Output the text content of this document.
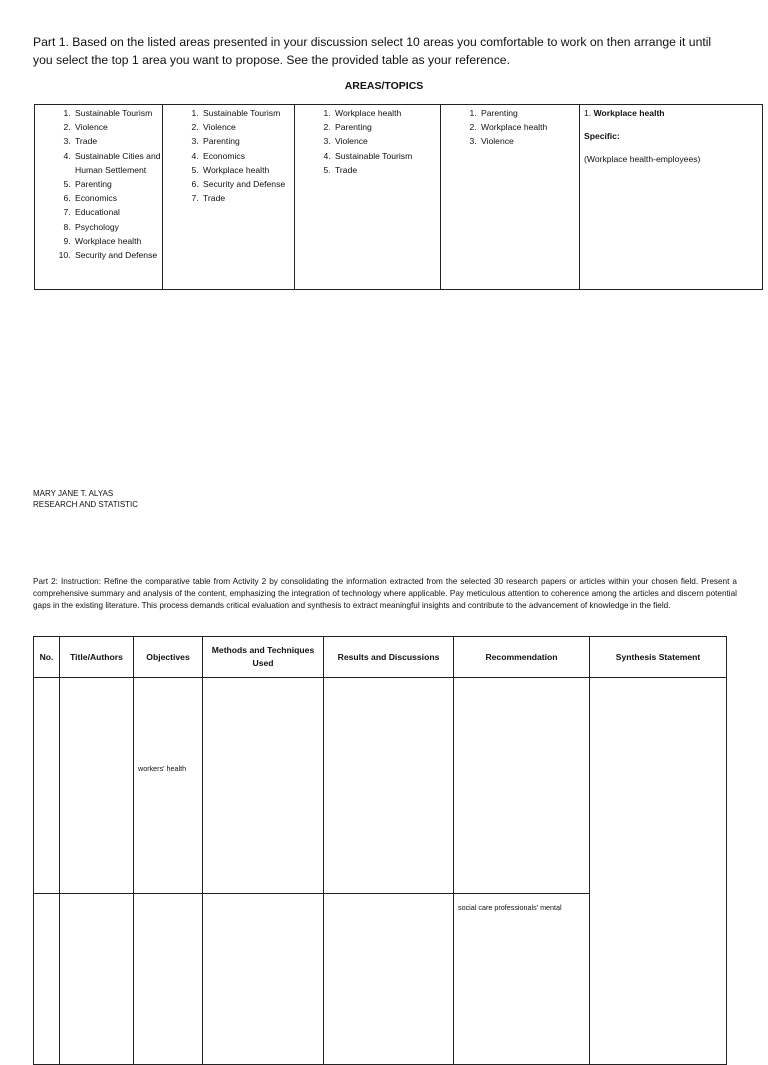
Part 1. Based on the listed areas presented in your discussion select 10 areas you comfortable to work on then arrange it until you select the top 1 area you want to propose. See the provided table as your reference.
AREAS/TOPICS
1. Sustainable Tourism
2. Violence
3. Trade
4. Sustainable Cities and Human Settlement
5. Parenting
6. Economics
7. Educational
8. Psychology
9. Workplace health
10. Security and Defense

1. Sustainable Tourism
2. Violence
3. Parenting
4. Economics
5. Workplace health
6. Security and Defense
7. Trade

1. Workplace health
2. Parenting
3. Violence
4. Sustainable Tourism
5. Trade

1. Parenting
2. Workplace health
3. Violence

1. Workplace health

Specific:

(Workplace health-employees)

MARY JANE T. ALYAS
RESEARCH AND STATISTIC
Part 2: Instruction: Refine the comparative table from Activity 2 by consolidating the information extracted from the selected 30 research papers or articles within your chosen field. Present a comprehensive summary and analysis of the content, emphasizing the integration of technology where applicable. Pay meticulous attention to coherence among the articles and discern potential gaps in the existing literature. This process demands critical evaluation and synthesis to extract meaningful insights and contribute to the advancement of knowledge in the field.
No.	Title/Authors	Objectives	Methods and Techniques Used	Results and Discussions	Recommendation	Synthesis Statement
		workers' health				
					social care professionals' mental	
